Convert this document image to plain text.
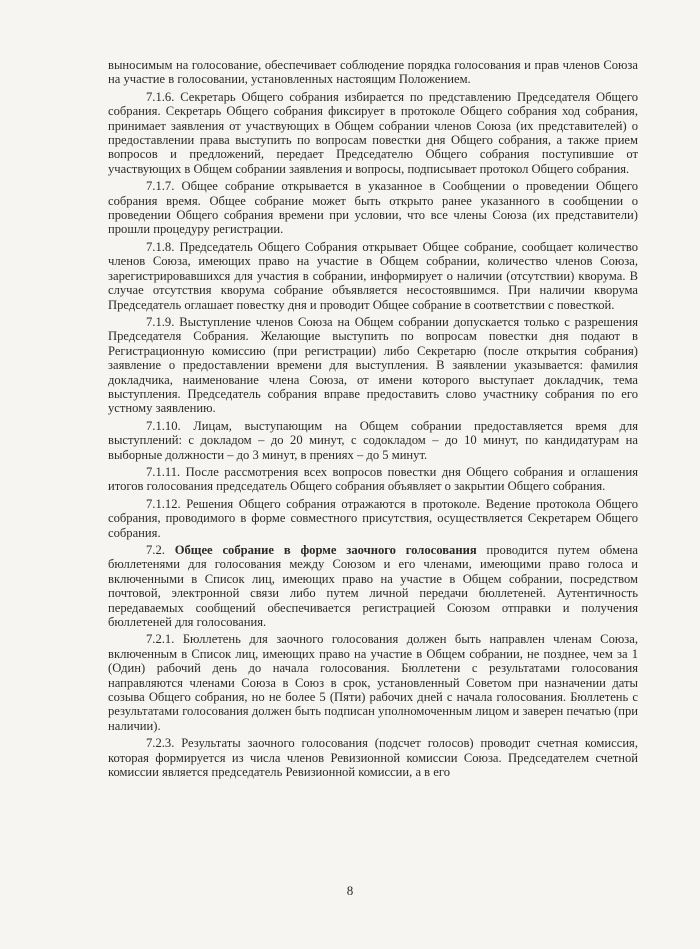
выносимым на голосование, обеспечивает соблюдение порядка голосования и прав членов Союза на участие в голосовании, установленных настоящим Положением.

7.1.6. Секретарь Общего собрания избирается по представлению Председателя Общего собрания. Секретарь Общего собрания фиксирует в протоколе Общего собрания ход собрания, принимает заявления от участвующих в Общем собрании членов Союза (их представителей) о предоставлении права выступить по вопросам повестки дня Общего собрания, а также прием вопросов и предложений, передает Председателю Общего собрания поступившие от участвующих в Общем собрании заявления и вопросы, подписывает протокол Общего собрания.

7.1.7. Общее собрание открывается в указанное в Сообщении о проведении Общего собрания время. Общее собрание может быть открыто ранее указанного в сообщении о проведении Общего собрания времени при условии, что все члены Союза (их представители) прошли процедуру регистрации.

7.1.8. Председатель Общего Собрания открывает Общее собрание, сообщает количество членов Союза, имеющих право на участие в Общем собрании, количество членов Союза, зарегистрировавшихся для участия в собрании, информирует о наличии (отсутствии) кворума. В случае отсутствия кворума собрание объявляется несостоявшимся. При наличии кворума Председатель оглашает повестку дня и проводит Общее собрание в соответствии с повесткой.

7.1.9. Выступление членов Союза на Общем собрании допускается только с разрешения Председателя Собрания. Желающие выступить по вопросам повестки дня подают в Регистрационную комиссию (при регистрации) либо Секретарю (после открытия собрания) заявление о предоставлении времени для выступления. В заявлении указывается: фамилия докладчика, наименование члена Союза, от имени которого выступает докладчик, тема выступления. Председатель собрания вправе предоставить слово участнику собрания по его устному заявлению.

7.1.10. Лицам, выступающим на Общем собрании предоставляется время для выступлений: с докладом – до 20 минут, с содокладом – до 10 минут, по кандидатурам на выборные должности – до 3 минут, в прениях – до 5 минут.

7.1.11. После рассмотрения всех вопросов повестки дня Общего собрания и оглашения итогов голосования председатель Общего собрания объявляет о закрытии Общего собрания.

7.1.12. Решения Общего собрания отражаются в протоколе. Ведение протокола Общего собрания, проводимого в форме совместного присутствия, осуществляется Секретарем Общего собрания.

7.2. Общее собрание в форме заочного голосования проводится путем обмена бюллетенями для голосования между Союзом и его членами, имеющими право голоса и включенными в Список лиц, имеющих право на участие в Общем собрании, посредством почтовой, электронной связи либо путем личной передачи бюллетеней. Аутентичность передаваемых сообщений обеспечивается регистрацией Союзом отправки и получения бюллетеней для голосования.

7.2.1. Бюллетень для заочного голосования должен быть направлен членам Союза, включенным в Список лиц, имеющих право на участие в Общем собрании, не позднее, чем за 1 (Один) рабочий день до начала голосования. Бюллетени с результатами голосования направляются членами Союза в Союз в срок, установленный Советом при назначении даты созыва Общего собрания, но не более 5 (Пяти) рабочих дней с начала голосования. Бюллетень с результатами голосования должен быть подписан уполномоченным лицом и заверен печатью (при наличии).

7.2.3. Результаты заочного голосования (подсчет голосов) проводит счетная комиссия, которая формируется из числа членов Ревизионной комиссии Союза. Председателем счетной комиссии является председатель Ревизионной комиссии, а в его

8
